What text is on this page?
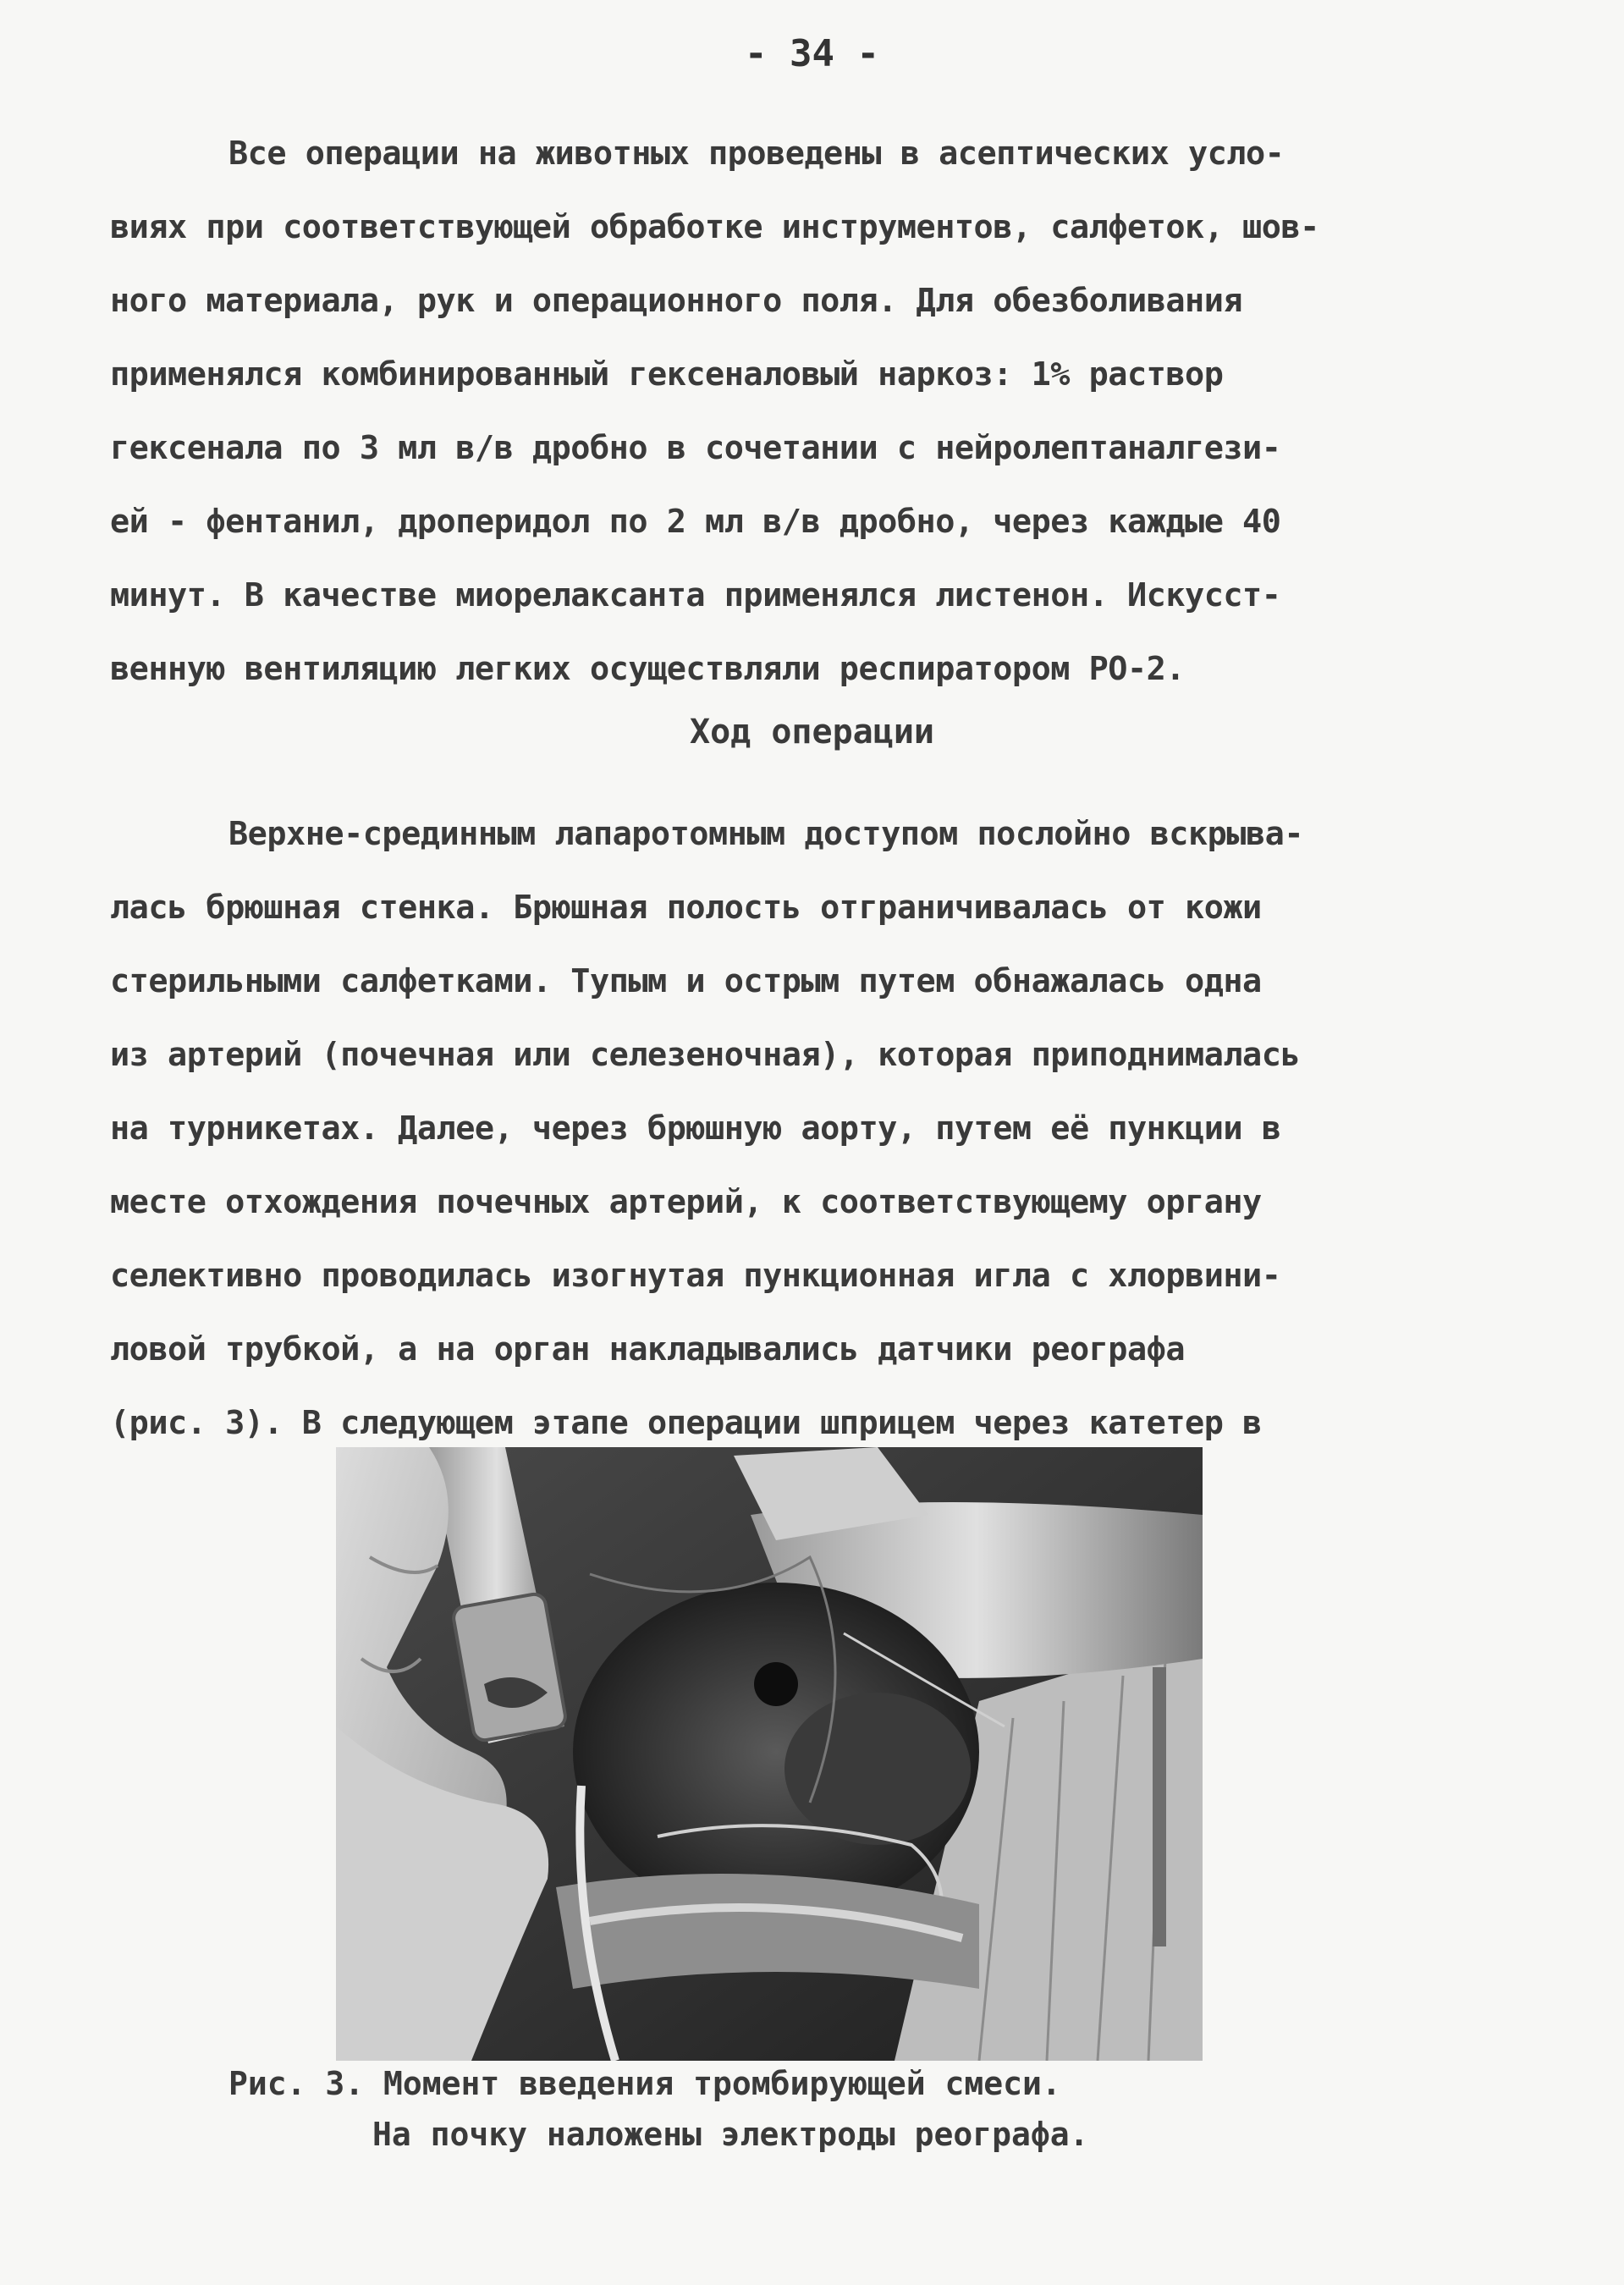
- 34 -
Все операции на животных проведены в асептических усло-
виях при соответствующей обработке инструментов, салфеток, шов-
ного материала, рук и операционного поля. Для обезболивания
применялся комбинированный гексеналовый наркоз: 1% раствор
гексенала по 3 мл в/в дробно в сочетании с нейролептаналгези-
ей - фентанил, дроперидол по 2 мл в/в дробно, через каждые 40
минут. В качестве миорелаксанта применялся листенон. Искусст-
венную вентиляцию легких осуществляли респиратором РО-2.
Ход операции
Верхне-срединным лапаротомным доступом послойно вскрыва-
лась брюшная стенка. Брюшная полость отграничивалась от кожи
стерильными салфетками. Тупым и острым путем обнажалась одна
из артерий (почечная или селезеночная), которая приподнималась
на турникетах. Далее, через брюшную аорту, путем её пункции в
месте отхождения почечных артерий, к соответствующему органу
селективно проводилась изогнутая пункционная игла с хлорвини-
ловой трубкой, а на орган накладывались датчики реографа
(рис. 3). В следующем этапе операции шприцем через катетер в
Рис. 3. Момент введения тромбирующей смеси.
На почку наложены электроды реографа.
